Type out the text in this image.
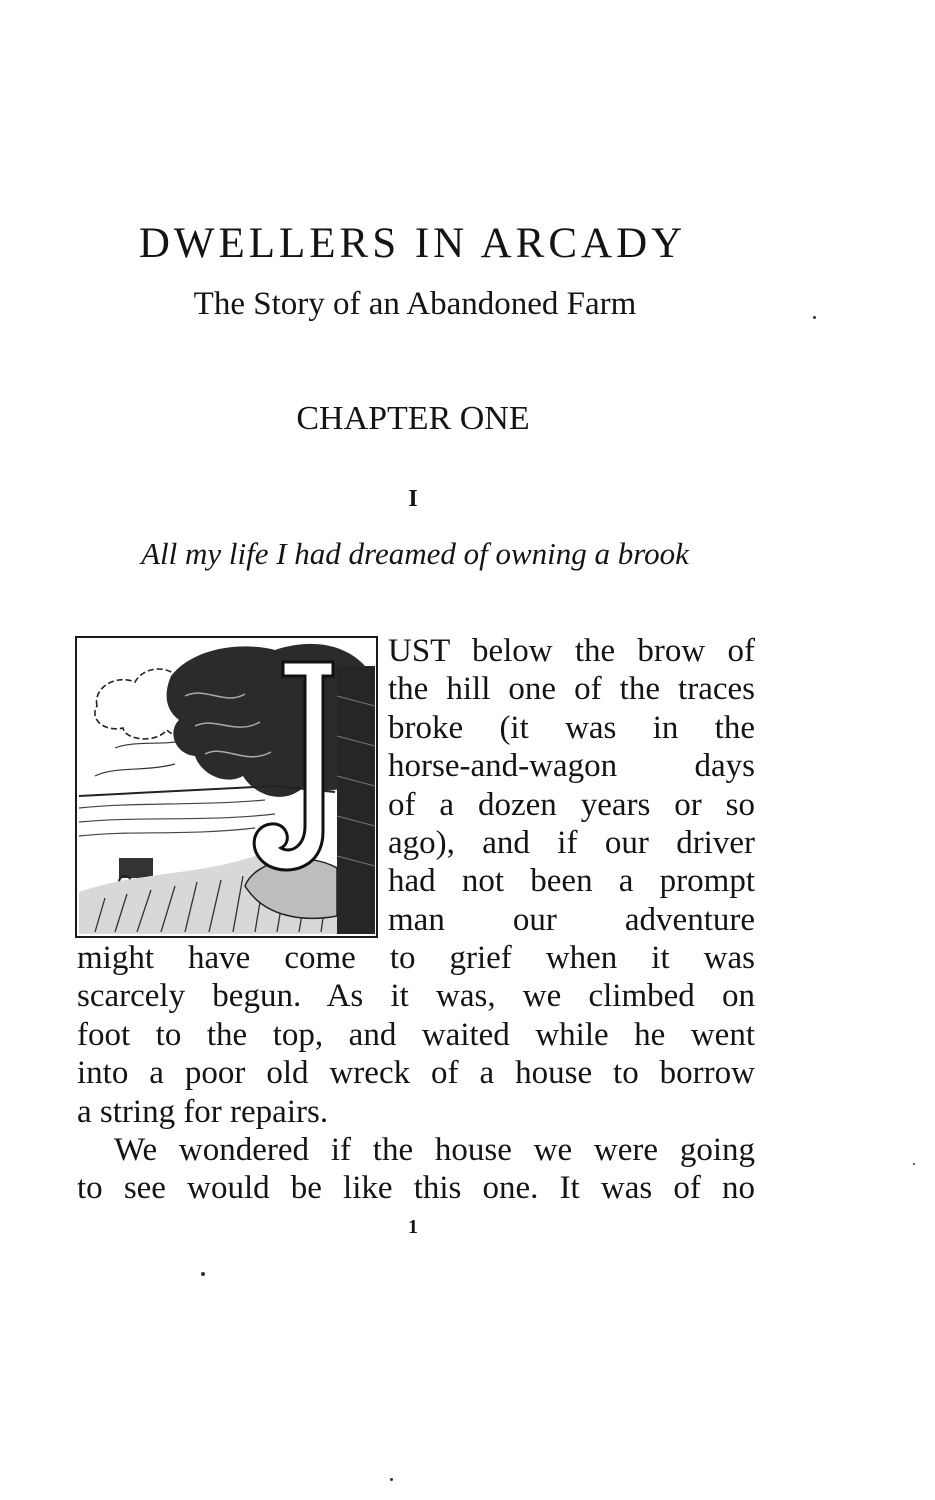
DWELLERS IN ARCADY

The Story of an Abandoned Farm

CHAPTER ONE
I

All my life I had dreamed of owning a brook

UST below the brow of
the hill one of the traces
broke (it was in the
horse-and-wagon days
of a dozen years or so
ago), and if our driver
had not been a prompt
man our adventure
might have come to grief when it was
scarcely begun. As it was, we climbed on
foot to the top, and waited while he went
into a poor old wreck of a house to borrow
a string for repairs.
We wondered if the house we were going
to see would be like this one. It was of no
1
